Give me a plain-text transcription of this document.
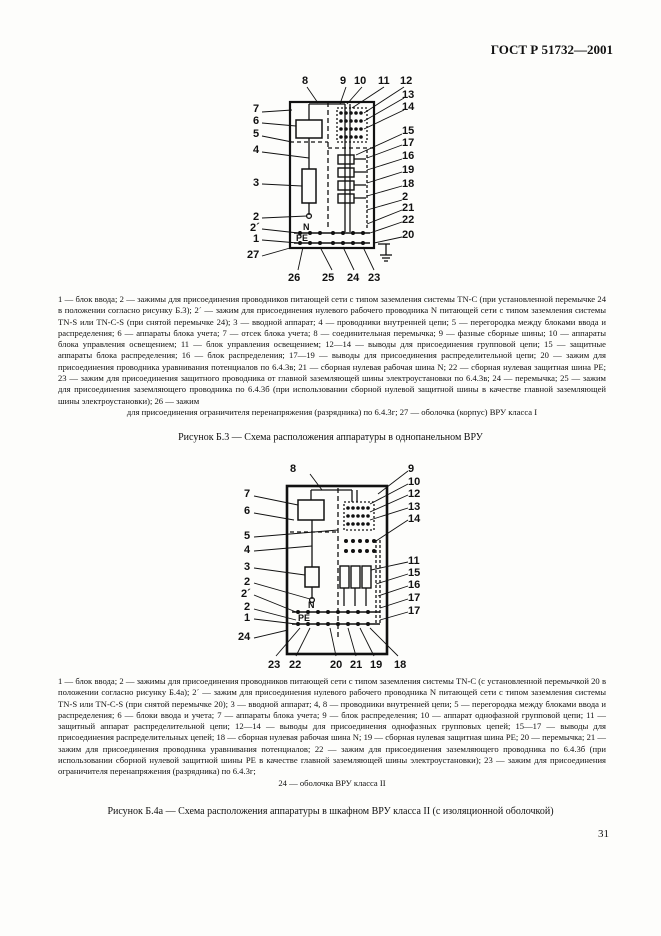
ГОСТ Р 51732—2001
8
7
6
5
4
3
2
2´
1
27
9 10 11 12
13
14
15
17
16
19
18
2
21
22
20
26 25 24 23
N
PE
1 — блок ввода; 2 — зажимы для присоединения проводников питающей сети с типом заземления системы TN-C (при установленной перемычке 24 в положении согласно рисунку Б.3); 2´ — зажим для присоединения нулевого рабочего проводника N питающей сети с типом заземления системы TN-S или TN-C-S (при снятой перемычке 24); 3 — вводной аппарат; 4 — проводники внутренней цепи; 5 — перегородка между блоками ввода и распределения; 6 — аппараты блока учета; 7 — отсек блока учета; 8 — соединительная перемычка; 9 — фазные сборные шины; 10 — аппараты блока управления освещением; 11 — блок управления освещением; 12—14 — выводы для присоединения групповой цепи; 15 — защитные аппараты блока распределения; 16 — блок распределения; 17—19 — выводы для присоединения распределительной цепи; 20 — зажим для присоединения проводника уравнивания потенциалов по 6.4.3в; 21 — сборная нулевая рабочая шина N; 22 — сборная нулевая защитная шина PE; 23 — зажим для присоединения защитного проводника от главной заземляющей шины электроустановки по 6.4.3в; 24 — перемычка; 25 — зажим для присоединения заземляющего проводника по 6.4.3б (при использовании сборной нулевой защитной шины в качестве главной заземляющей шины электроустановки); 26 — зажим
для присоединения ограничителя перенапряжения (разрядника) по 6.4.3г; 27 — оболочка (корпус) ВРУ класса I
Рисунок Б.3 — Схема расположения аппаратуры в однопанельном ВРУ
8
7
6
5
4
3
2
2´
2
1
24
9
10
12
13
14
11
15
16
17
17
23 22	20 21 19 18
N
PE
1 — блок ввода; 2 — зажимы для присоединения проводников питающей сети с типом заземления системы TN-C (с установленной перемычкой 20 в положении согласно рисунку Б.4а); 2´ — зажим для присоединения нулевого рабочего проводника N питающей сети с типом заземления системы TN-S или TN-C-S (при снятой перемычке 20); 3 — вводной аппарат; 4, 8 — проводники внутренней цепи; 5 — перегородка между блоками ввода и распределения; 6 — блоки ввода и учета; 7 — аппараты блока учета; 9 — блок распределения; 10 — аппарат однофазной групповой цепи; 11 — защитный аппарат распределительной цепи; 12—14 — выводы для присоединения однофазных групповых цепей; 15—17 — выводы для присоединения распределительных цепей; 18 — сборная нулевая рабочая шина N; 19 — сборная нулевая защитная шина PE; 20 — перемычка; 21 — зажим для присоединения проводника уравнивания потенциалов; 22 — зажим для присоединения заземляющего проводника по 6.4.3б (при использовании сборной нулевой защитной шины PE в качестве главной заземляющей шины электроустановки); 23 — зажим для присоединения ограничителя перенапряжения (разрядника) по 6.4.3г;
24 — оболочка ВРУ класса II
Рисунок Б.4а — Схема расположения аппаратуры в шкафном ВРУ класса II (с изоляционной оболочкой)
31
